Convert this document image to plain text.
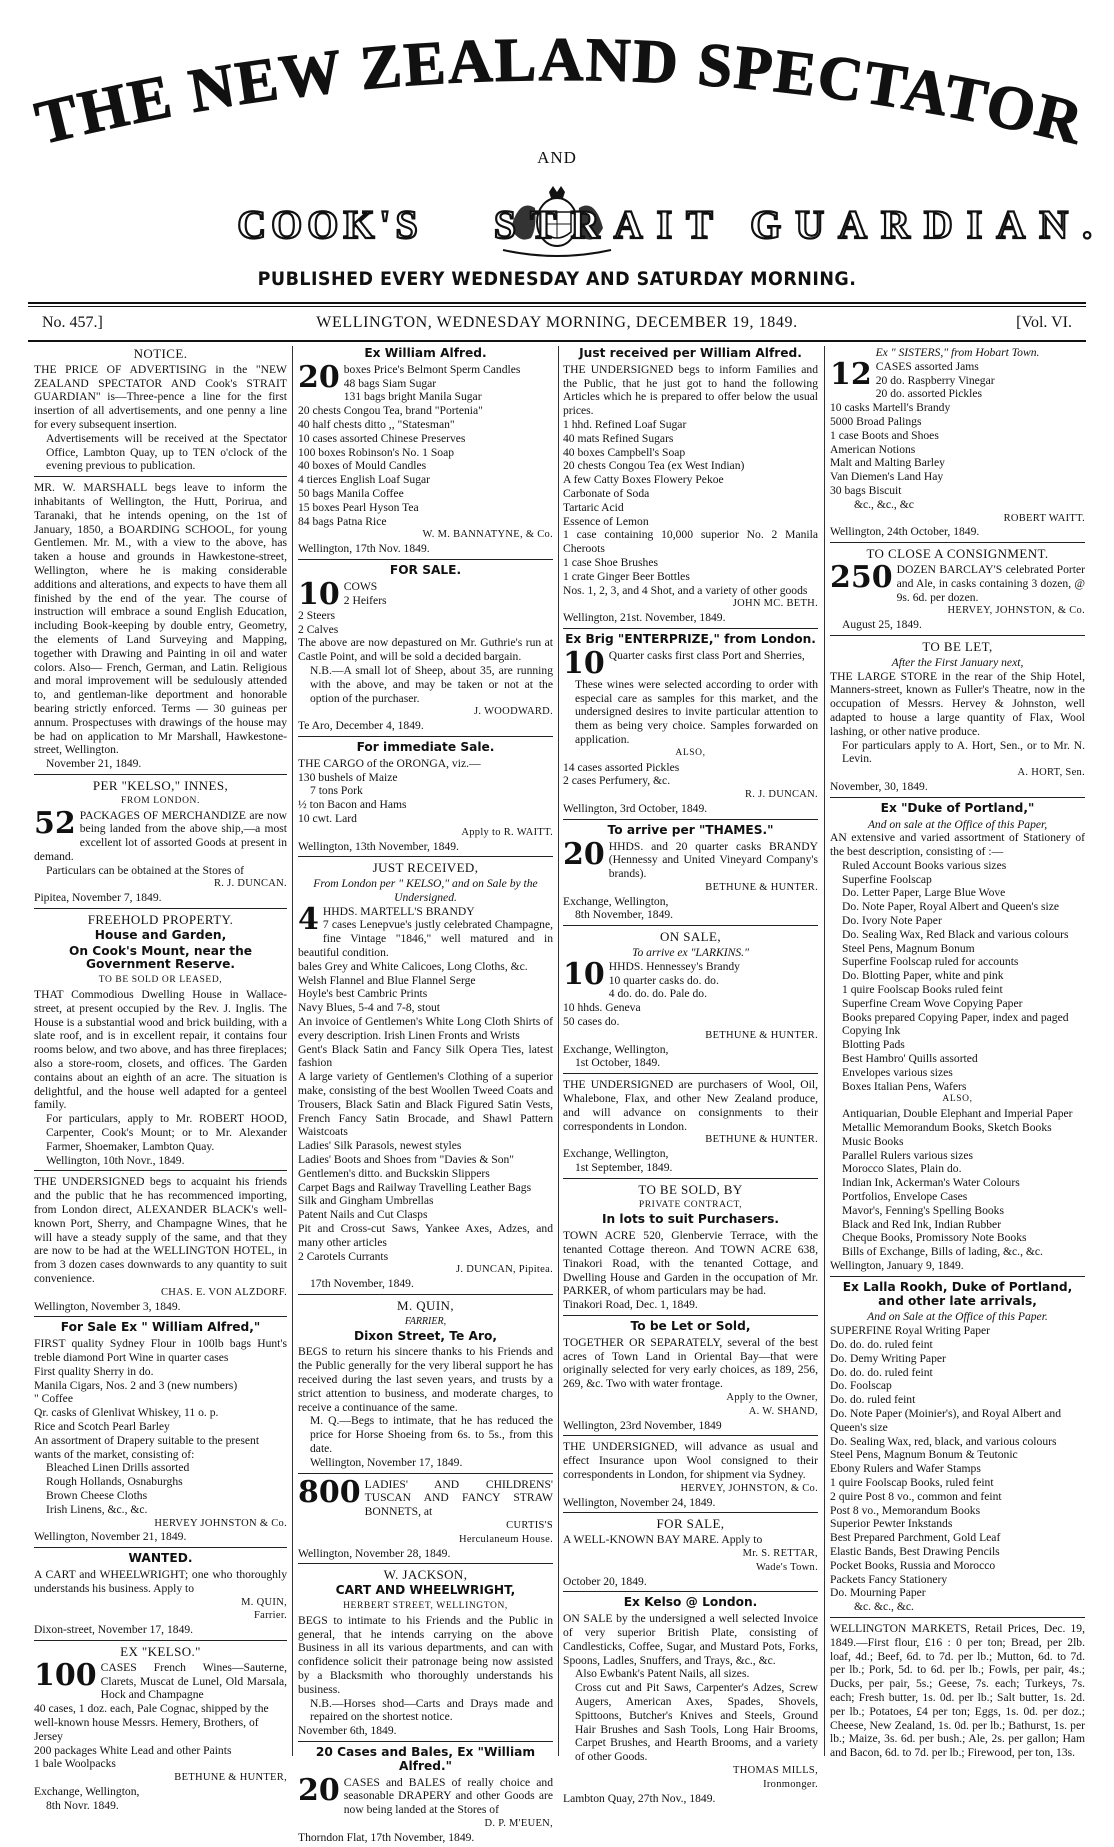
THE NEW ZEALAND SPECTATOR
COOK'S STRAIT GUARDIAN.
AND
PUBLISHED EVERY WEDNESDAY AND SATURDAY MORNING.
No. 457.]	WELLINGTON, WEDNESDAY MORNING, DECEMBER 19, 1849.	[Vol. VI.
NOTICE.
THE PRICE OF ADVERTISING in the "NEW ZEALAND SPECTATOR AND Cook's STRAIT GUARDIAN" is—Three-pence a line for the first insertion of all advertisements, and one penny a line for every subsequent insertion.
Advertisements will be received at the Spectator Office, Lambton Quay, up to TEN o'clock of the evening previous to publication.
MR. W. MARSHALL begs leave to inform the inhabitants of Wellington, the Hutt, Porirua, and Taranaki, that he intends opening, on the 1st of January, 1850, a BOARDING SCHOOL, for young Gentlemen. Mr. M., with a view to the above, has taken a house and grounds in Hawkestone-street, Wellington, where he is making considerable additions and alterations, and expects to have them all finished by the end of the year. The course of instruction will embrace a sound English Education, including Book-keeping by double entry, Geometry, the elements of Land Surveying and Mapping, together with Drawing and Painting in oil and water colors. Also— French, German, and Latin. Religious and moral improvement will be sedulously attended to, and gentleman-like deportment and honorable bearing strictly enforced. Terms — 30 guineas per annum. Prospectuses with drawings of the house may be had on application to Mr Marshall, Hawkestone-street, Wellington.
November 21, 1849.
PER "KELSO," INNES,
FROM LONDON.
52 PACKAGES OF MERCHANDIZE are now being landed from the above ship,—a most excellent lot of assorted Goods at present in demand.
Particulars can be obtained at the Stores of
R. J. DUNCAN.
Pipitea, November 7, 1849.
FREEHOLD PROPERTY.
House and Garden,
On Cook's Mount, near the Government Reserve.
TO BE SOLD OR LEASED,
THAT Commodious Dwelling House in Wallace-street, at present occupied by the Rev. J. Inglis. The House is a substantial wood and brick building, with a slate roof, and is in excellent repair, it contains four rooms below, and two above, and has three fireplaces; also a store-room, closets, and offices. The Garden contains about an eighth of an acre. The situation is delightful, and the house well adapted for a genteel family.
For particulars, apply to Mr. ROBERT HOOD, Carpenter, Cook's Mount; or to Mr. Alexander Farmer, Shoemaker, Lambton Quay.
Wellington, 10th Novr., 1849.
THE UNDERSIGNED begs to acquaint his friends and the public that he has recommenced importing, from London direct, ALEXANDER BLACK's well-known Port, Sherry, and Champagne Wines, that he will have a steady supply of the same, and that they are now to be had at the WELLINGTON HOTEL, in from 3 dozen cases downwards to any quantity to suit convenience.
CHAS. E. VON ALZDORF.
Wellington, November 3, 1849.
For Sale Ex " William Alfred,"
FIRST quality Sydney Flour in 100lb bags Hunt's treble diamond Port Wine in quarter cases
First quality Sherry in do.
Manila Cigars, Nos. 2 and 3 (new numbers)
" Coffee
Qr. casks of Glenlivat Whiskey, 11 o. p.
Rice and Scotch Pearl Barley
An assortment of Drapery suitable to the present wants of the market, consisting of:
Bleached Linen Drills assorted
Rough Hollands, Osnaburghs
Brown Cheese Cloths
Irish Linens, &c., &c.
HERVEY JOHNSTON & Co.
Wellington, November 21, 1849.
WANTED.
A CART and WHEELWRIGHT; one who thoroughly understands his business. Apply to
M. QUIN,
Farrier.
Dixon-street, November 17, 1849.
EX "KELSO."
100 CASES French Wines—Sauterne, Clarets, Muscat de Lunel, Old Marsala, Hock and Champagne
40 cases, 1 doz. each, Pale Cognac, shipped by the well-known house Messrs. Hemery, Brothers, of Jersey
200 packages White Lead and other Paints
1 bale Woolpacks
BETHUNE & HUNTER,
Exchange, Wellington,
8th Novr. 1849.
Ex William Alfred.
20 boxes Price's Belmont Sperm Candles
48 bags Siam Sugar
131 bags bright Manila Sugar
20 chests Congou Tea, brand "Portenia"
40 half chests ditto ,, "Statesman"
10 cases assorted Chinese Preserves
100 boxes Robinson's No. 1 Soap
40 boxes of Mould Candles
4 tierces English Loaf Sugar
50 bags Manila Coffee
15 boxes Pearl Hyson Tea
84 bags Patna Rice
W. M. BANNATYNE, & Co.
Wellington, 17th Nov. 1849.
FOR SALE.
10 COWS
2 Heifers
2 Steers
2 Calves
The above are now depastured on Mr. Guthrie's run at Castle Point, and will be sold a decided bargain.
N.B.—A small lot of Sheep, about 35, are running with the above, and may be taken or not at the option of the purchaser.
J. WOODWARD.
Te Aro, December 4, 1849.
For immediate Sale.
THE CARGO of the ORONGA, viz.—
130 bushels of Maize
7 tons Pork
½ ton Bacon and Hams
10 cwt. Lard
Apply to R. WAITT.
Wellington, 13th November, 1849.
JUST RECEIVED,
From London per " KELSO," and on Sale by the Undersigned.
4 HHDS. MARTELL'S BRANDY
7 cases Lenepvue's justly celebrated Champagne, fine Vintage "1846," well matured and in beautiful condition.
bales Grey and White Calicoes, Long Cloths, &c.
Welsh Flannel and Blue Flannel Serge
Hoyle's best Cambric Prints
Navy Blues, 5-4 and 7-8, stout
An invoice of Gentlemen's White Long Cloth Shirts of every description. Irish Linen Fronts and Wrists
Gent's Black Satin and Fancy Silk Opera Ties, latest fashion
A large variety of Gentlemen's Clothing of a superior make, consisting of the best Woollen Tweed Coats and Trousers, Black Satin and Black Figured Satin Vests, French Fancy Satin Brocade, and Shawl Pattern Waistcoats
Ladies' Silk Parasols, newest styles
Ladies' Boots and Shoes from "Davies & Son"
Gentlemen's ditto. and Buckskin Slippers
Carpet Bags and Railway Travelling Leather Bags
Silk and Gingham Umbrellas
Patent Nails and Cut Clasps
Pit and Cross-cut Saws, Yankee Axes, Adzes, and many other articles
2 Carotels Currants
J. DUNCAN, Pipitea.
17th November, 1849.
M. QUIN,
FARRIER,
Dixon Street, Te Aro,
BEGS to return his sincere thanks to his Friends and the Public generally for the very liberal support he has received during the last seven years, and trusts by a strict attention to business, and moderate charges, to receive a continuance of the same.
M. Q.—Begs to intimate, that he has reduced the price for Horse Shoeing from 6s. to 5s., from this date.
Wellington, November 17, 1849.
800 LADIES' AND CHILDRENS' TUSCAN AND FANCY STRAW BONNETS, at
CURTIS'S
Herculaneum House.
Wellington, November 28, 1849.
W. JACKSON,
CART AND WHEELWRIGHT,
HERBERT STREET, WELLINGTON,
BEGS to intimate to his Friends and the Public in general, that he intends carrying on the above Business in all its various departments, and can with confidence solicit their patronage being now assisted by a Blacksmith who thoroughly understands his business.
N.B.—Horses shod—Carts and Drays made and repaired on the shortest notice.
November 6th, 1849.
20 Cases and Bales, Ex "William Alfred."
20 CASES and BALES of really choice and seasonable DRAPERY and other Goods are now being landed at the Stores of
D. P. M'EUEN,
Thorndon Flat, 17th November, 1849.
Just received per William Alfred.
THE UNDERSIGNED begs to inform Families and the Public, that he just got to hand the following Articles which he is prepared to offer below the usual prices.
1 hhd. Refined Loaf Sugar
40 mats Refined Sugars
40 boxes Campbell's Soap
20 chests Congou Tea (ex West Indian)
A few Catty Boxes Flowery Pekoe
Carbonate of Soda
Tartaric Acid
Essence of Lemon
1 case containing 10,000 superior No. 2 Manila Cheroots
1 case Shoe Brushes
1 crate Ginger Beer Bottles
Nos. 1, 2, 3, and 4 Shot, and a variety of other goods
JOHN MC. BETH.
Wellington, 21st. November, 1849.
Ex Brig "ENTERPRIZE," from London.
10 Quarter casks first class Port and Sherries,
These wines were selected according to order with especial care as samples for this market, and the undersigned desires to invite particular attention to them as being very choice. Samples forwarded on application.
ALSO,
14 cases assorted Pickles
2 cases Perfumery, &c.
R. J. DUNCAN.
Wellington, 3rd October, 1849.
To arrive per "THAMES."
20 HHDS. and 20 quarter casks BRANDY (Hennessy and United Vineyard Company's brands).
BETHUNE & HUNTER.
Exchange, Wellington,
8th November, 1849.
ON SALE,
To arrive ex "LARKINS."
10 HHDS. Hennessey's Brandy
10 quarter casks do. do.
4 do. do. do. Pale do.
10 hhds. Geneva
50 cases do.
BETHUNE & HUNTER.
Exchange, Wellington,
1st October, 1849.
THE UNDERSIGNED are purchasers of Wool, Oil, Whalebone, Flax, and other New Zealand produce, and will advance on consignments to their correspondents in London.
BETHUNE & HUNTER.
Exchange, Wellington,
1st September, 1849.
TO BE SOLD, BY
PRIVATE CONTRACT,
In lots to suit Purchasers.
TOWN ACRE 520, Glenbervie Terrace, with the tenanted Cottage thereon. And TOWN ACRE 638, Tinakori Road, with the tenanted Cottage, and Dwelling House and Garden in the occupation of Mr. PARKER, of whom particulars may be had.
Tinakori Road, Dec. 1, 1849.
To be Let or Sold,
TOGETHER OR SEPARATELY, several of the best acres of Town Land in Oriental Bay—that were originally selected for very early choices, as 189, 256, 269, &c. Two with water frontage.
Apply to the Owner,
A. W. SHAND,
Wellington, 23rd November, 1849
THE UNDERSIGNED, will advance as usual and effect Insurance upon Wool consigned to their correspondents in London, for shipment via Sydney.
HERVEY, JOHNSTON, & Co.
Wellington, November 24, 1849.
FOR SALE,
A WELL-KNOWN BAY MARE. Apply to
Mr. S. RETTAR,
Wade's Town.
October 20, 1849.
Ex Kelso @ London.
ON SALE by the undersigned a well selected Invoice of very superior British Plate, consisting of Candlesticks, Coffee, Sugar, and Mustard Pots, Forks, Spoons, Ladles, Snuffers, and Trays, &c., &c.
Also Ewbank's Patent Nails, all sizes.
Cross cut and Pit Saws, Carpenter's Adzes, Screw Augers, American Axes, Spades, Shovels, Spittoons, Butcher's Knives and Steels, Ground Hair Brushes and Sash Tools, Long Hair Brooms, Carpet Brushes, and Hearth Brooms, and a variety of other Goods.
THOMAS MILLS,
Ironmonger.
Lambton Quay, 27th Nov., 1849.
Ex " SISTERS," from Hobart Town.
12 CASES assorted Jams
20 do. Raspberry Vinegar
20 do. assorted Pickles
10 casks Martell's Brandy
5000 Broad Palings
1 case Boots and Shoes
American Notions
Malt and Malting Barley
Van Diemen's Land Hay
30 bags Biscuit
&c., &c., &c
ROBERT WAITT.
Wellington, 24th October, 1849.
TO CLOSE A CONSIGNMENT.
250 DOZEN BARCLAY'S celebrated Porter and Ale, in casks containing 3 dozen, @ 9s. 6d. per dozen.
HERVEY, JOHNSTON, & Co.
August 25, 1849.
TO BE LET,
After the First January next,
THE LARGE STORE in the rear of the Ship Hotel, Manners-street, known as Fuller's Theatre, now in the occupation of Messrs. Hervey & Johnston, well adapted to house a large quantity of Flax, Wool lashing, or other native produce.
For particulars apply to A. Hort, Sen., or to Mr. N. Levin.
A. HORT, Sen.
November, 30, 1849.
Ex "Duke of Portland,"
And on sale at the Office of this Paper,
AN extensive and varied assortment of Stationery of the best description, consisting of :—
Ruled Account Books various sizes
Superfine Foolscap
Do. Letter Paper, Large Blue Wove
Do. Note Paper, Royal Albert and Queen's size
Do. Ivory Note Paper
Do. Sealing Wax, Red Black and various colours
Steel Pens, Magnum Bonum
Superfine Foolscap ruled for accounts
Do. Blotting Paper, white and pink
1 quire Foolscap Books ruled feint
Superfine Cream Wove Copying Paper
Books prepared Copying Paper, index and paged
Copying Ink
Blotting Pads
Best Hambro' Quills assorted
Envelopes various sizes
Boxes Italian Pens, Wafers
ALSO,
Antiquarian, Double Elephant and Imperial Paper
Metallic Memorandum Books, Sketch Books
Music Books
Parallel Rulers various sizes
Morocco Slates, Plain do.
Indian Ink, Ackerman's Water Colours
Portfolios, Envelope Cases
Mavor's, Fenning's Spelling Books
Black and Red Ink, Indian Rubber
Cheque Books, Promissory Note Books
Bills of Exchange, Bills of lading, &c., &c.
Wellington, January 9, 1849.
Ex Lalla Rookh, Duke of Portland, and other late arrivals,
And on Sale at the Office of this Paper.
SUPERFINE Royal Writing Paper
Do. do. do. ruled feint
Do. Demy Writing Paper
Do. do. do. ruled feint
Do. Foolscap
Do. do. ruled feint
Do. Note Paper (Moinier's), and Royal Albert and Queen's size
Do. Sealing Wax, red, black, and various colours
Steel Pens, Magnum Bonum & Teutonic
Ebony Rulers and Wafer Stamps
1 quire Foolscap Books, ruled feint
2 quire Post 8 vo., common and feint
Post 8 vo., Memorandum Books
Superior Pewter Inkstands
Best Prepared Parchment, Gold Leaf
Elastic Bands, Best Drawing Pencils
Pocket Books, Russia and Morocco
Packets Fancy Stationery
Do. Mourning Paper
&c. &c., &c.
WELLINGTON MARKETS, Retail Prices, Dec. 19, 1849.—First flour, £16 : 0 per ton; Bread, per 2lb. loaf, 4d.; Beef, 6d. to 7d. per lb.; Mutton, 6d. to 7d. per lb.; Pork, 5d. to 6d. per lb.; Fowls, per pair, 4s.; Ducks, per pair, 5s.; Geese, 7s. each; Turkeys, 7s. each; Fresh butter, 1s. 0d. per lb.; Salt butter, 1s. 2d. per lb.; Potatoes, £4 per ton; Eggs, 1s. 0d. per doz.; Cheese, New Zealand, 1s. 0d. per lb.; Bathurst, 1s. per lb.; Maize, 3s. 6d. per bush.; Ale, 2s. per gallon; Ham and Bacon, 6d. to 7d. per lb.; Firewood, per ton, 13s.
